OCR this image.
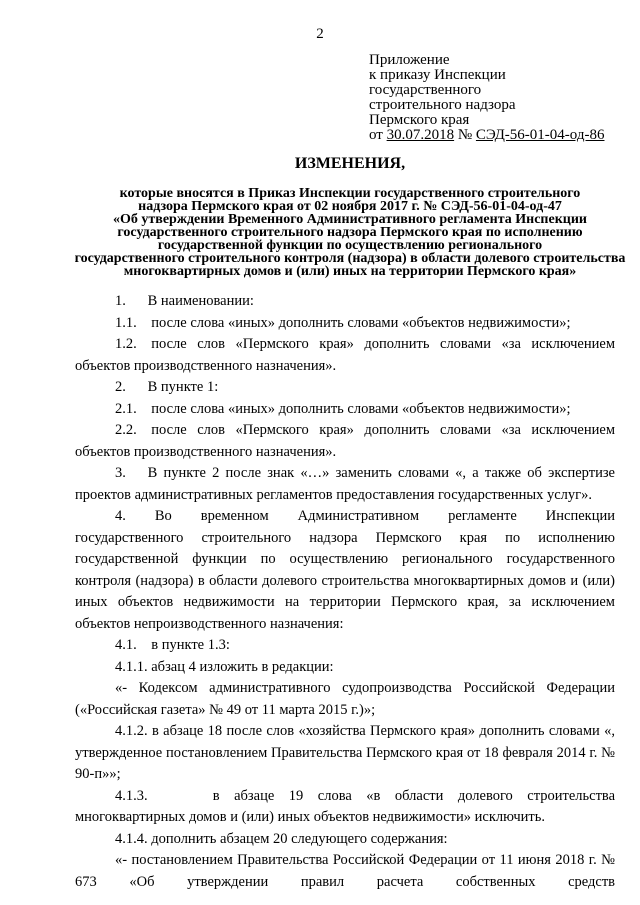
2
Приложение
к приказу Инспекции
государственного
строительного надзора
Пермского края
от 30.07.2018 № СЭД-56-01-04-од-86
ИЗМЕНЕНИЯ,
которые вносятся в Приказ Инспекции государственного строительного
надзора Пермского края от 02 ноября 2017 г. № СЭД-56-01-04-од-47
«Об утверждении Временного Административного регламента Инспекции
государственного строительного надзора Пермского края по исполнению
государственной функции по осуществлению регионального
государственного строительного контроля (надзора) в области долевого строительства
многоквартирных домов и (или) иных на территории Пермского края»

1.  В наименовании:

1.1.  после слова «иных» дополнить словами «объектов недвижимости»;

1.2.  после слов «Пермского края» дополнить словами «за исключением объектов производственного назначения».

2.  В пункте 1:

2.1.  после слова «иных» дополнить словами «объектов недвижимости»;

2.2.  после слов «Пермского края» дополнить словами «за исключением объектов производственного назначения».

3.  В пункте 2 после знак «…» заменить словами «, а также об экспертизе проектов административных регламентов предоставления государственных услуг».

4.  Во временном Административном регламенте Инспекции государственного строительного надзора Пермского края по исполнению государственной функции по осуществлению регионального государственного контроля (надзора) в области долевого строительства многоквартирных домов и (или) иных объектов недвижимости на территории Пермского края, за исключением объектов непроизводственного назначения:

4.1.  в пункте 1.3:

4.1.1. абзац 4 изложить в редакции:

«- Кодексом административного судопроизводства Российской Федерации («Российская газета» № 49 от 11 марта 2015 г.)»;

4.1.2. в абзаце 18 после слов «хозяйства Пермского края» дополнить словами «, утвержденное постановлением Правительства Пермского края от 18 февраля 2014 г. № 90-п»»;

4.1.3. в абзаце 19 слова «в области долевого строительства многоквартирных домов и (или) иных объектов недвижимости» исключить.

4.1.4. дополнить абзацем 20 следующего содержания:

«- постановлением Правительства Российской Федерации от 11 июня 2018 г. № 673 «Об утверждении правил расчета собственных средств
